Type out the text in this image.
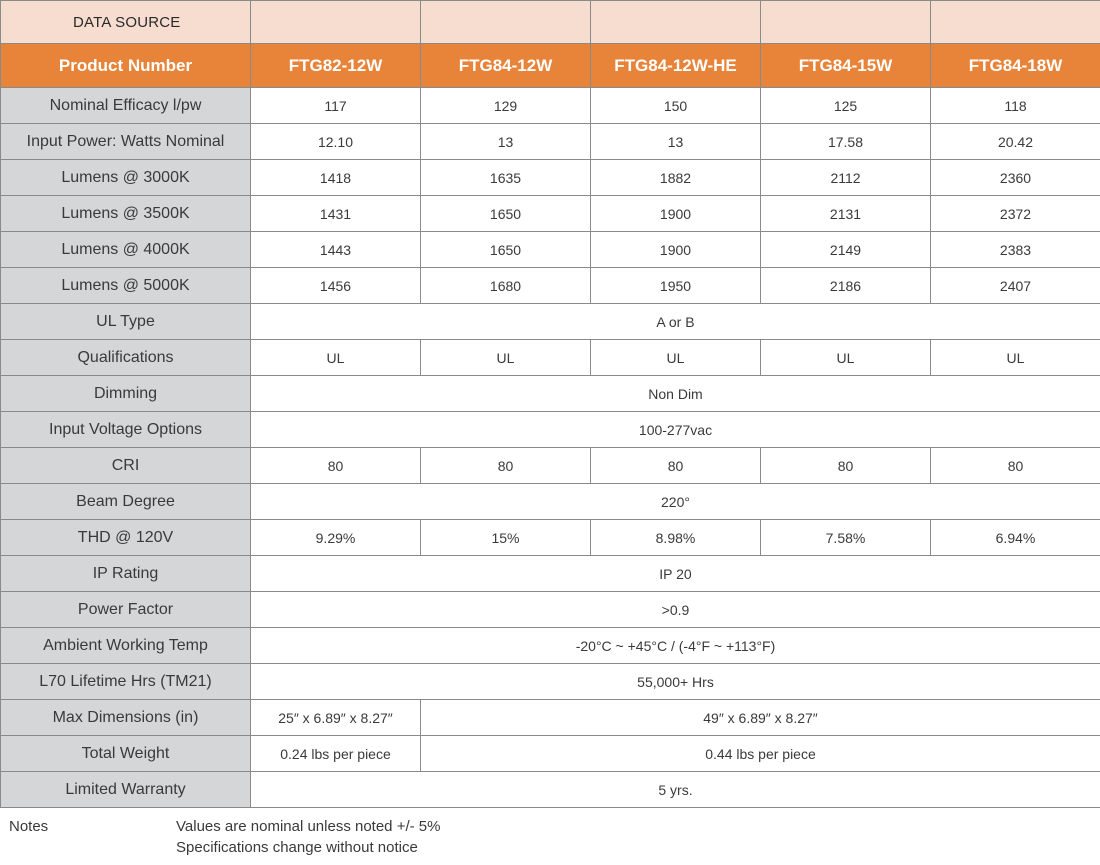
DATA SOURCE					
Product Number	FTG82-12W	FTG84-12W	FTG84-12W-HE	FTG84-15W	FTG84-18W
Nominal Efficacy l/pw	117	129	150	125	118
Input Power: Watts Nominal	12.10	13	13	17.58	20.42
Lumens @ 3000K	1418	1635	1882	2112	2360
Lumens @ 3500K	1431	1650	1900	2131	2372
Lumens @ 4000K	1443	1650	1900	2149	2383
Lumens @ 5000K	1456	1680	1950	2186	2407
UL Type	A or B				
Qualifications	UL	UL	UL	UL	UL
Dimming	Non Dim				
Input Voltage Options	100-277vac				
CRI	80	80	80	80	80
Beam Degree	220°				
THD @ 120V	9.29%	15%	8.98%	7.58%	6.94%
IP Rating	IP 20				
Power Factor	>0.9				
Ambient Working Temp	-20°C ~ +45°C / (-4°F ~ +113°F)				
L70 Lifetime Hrs (TM21)	55,000+ Hrs				
Max Dimensions (in)	25″ x 6.89″ x 8.27″	49″ x 6.89″ x 8.27″			
Total Weight	0.24 lbs per piece	0.44 lbs per piece			
Limited Warranty	5 yrs.				
Notes	Values are nominal unless noted +/- 5%
Specifications change without notice
